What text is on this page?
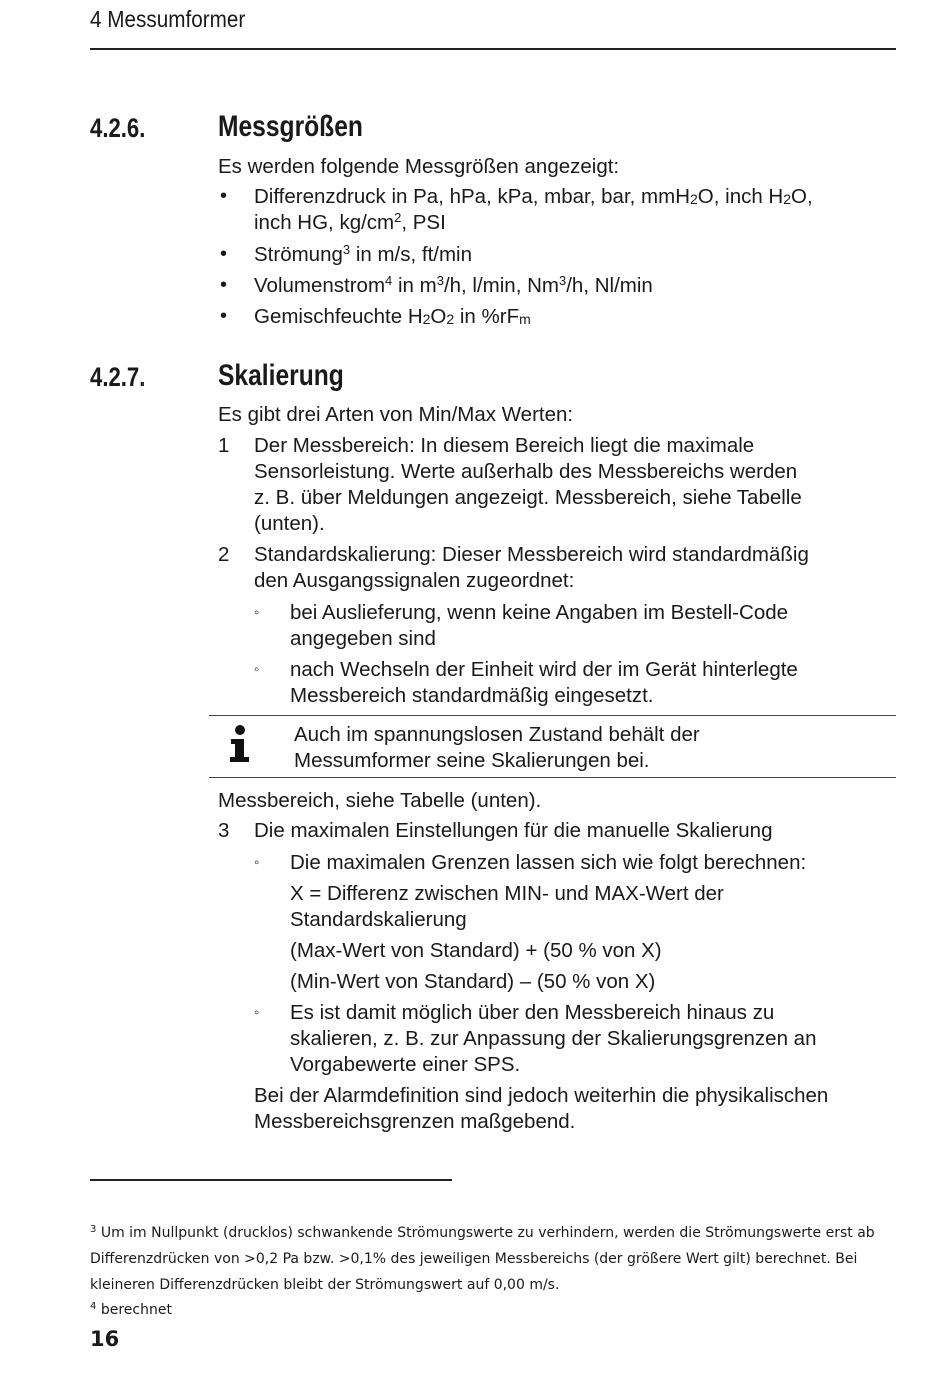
4 Messumformer
4.2.6. Messgrößen
Es werden folgende Messgrößen angezeigt:
• Differenzdruck in Pa, hPa, kPa, mbar, bar, mmH$_2$O, inch $H_2O$,
inch HG, $kg/cm^2$, PSI
• Strömung$^3$ in m/s, ft/min
• Volumenstrom$^4$ in $m^3/h$, l/min, Nm$^3$/h, Nl/min
• Gemischfeuchte $H_2O_2$ in $\%rF_m$
4.2.7. Skalierung
Es gibt drei Arten von Min/Max Werten:
1 Der Messbereich: In diesem Bereich liegt die maximale
Sensorleistung. Werte außerhalb des Messbereichs werden
z. B. über Meldungen angezeigt. Messbereich, siehe Tabelle
(unten).
2 Standardskalierung: Dieser Messbereich wird standardmäßig
den Ausgangssignalen zugeordnet:
◦ bei Auslieferung, wenn keine Angaben im Bestell-Code
angegeben sind
◦ nach Wechseln der Einheit wird der im Gerät hinterlegte
Messbereich standardmäßig eingesetzt.
Auch im spannungslosen Zustand behält der
Messumformer seine Skalierungen bei.
Messbereich, siehe Tabelle (unten).
3 Die maximalen Einstellungen für die manuelle Skalierung
◦ Die maximalen Grenzen lassen sich wie folgt berechnen:
X = Differenz zwischen MIN- und MAX-Wert der
Standardskalierung
(Max-Wert von Standard) + (50 % von X)
(Min-Wert von Standard) – (50 % von X)
◦ Es ist damit möglich über den Messbereich hinaus zu
skalieren, z. B. zur Anpassung der Skalierungsgrenzen an
Vorgabewerte einer SPS.
Bei der Alarmdefinition sind jedoch weiterhin die physikalischen
Messbereichsgrenzen maßgebend.
$^3$ Um im Nullpunkt (drucklos) schwankende Strömungswerte zu verhindern, werden die Strömungswerte erst ab
Differenzdrücken von >0,2 Pa bzw. >0,1% des jeweiligen Messbereichs (der größere Wert gilt) berechnet. Bei
kleineren Differenzdrücken bleibt der Strömungswert auf 0,00 m/s.
$^4$ berechnet
16
